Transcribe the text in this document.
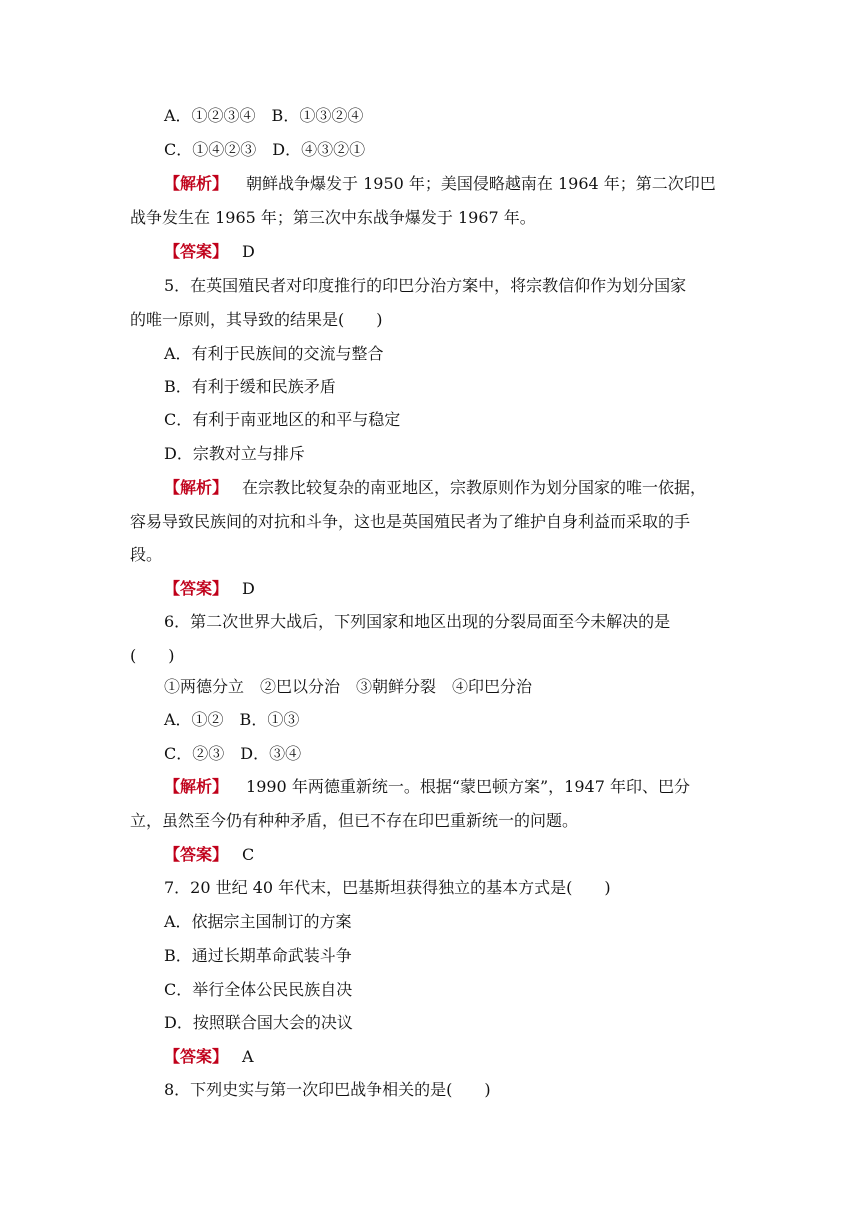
A．①②③④　B．①③②④
C．①④②③　D．④③②①
【解析】 朝鲜战争爆发于 1950 年；美国侵略越南在 1964 年；第二次印巴
战争发生在 1965 年；第三次中东战争爆发于 1967 年。
【答案】 D
5．在英国殖民者对印度推行的印巴分治方案中，将宗教信仰作为划分国家
的唯一原则，其导致的结果是(　　)
A．有利于民族间的交流与整合
B．有利于缓和民族矛盾
C．有利于南亚地区的和平与稳定
D．宗教对立与排斥
【解析】 在宗教比较复杂的南亚地区，宗教原则作为划分国家的唯一依据，
容易导致民族间的对抗和斗争，这也是英国殖民者为了维护自身利益而采取的手
段。
【答案】 D
6．第二次世界大战后，下列国家和地区出现的分裂局面至今未解决的是
(　　)
①两德分立　②巴以分治　③朝鲜分裂　④印巴分治
A．①②　B．①③
C．②③　D．③④
【解析】 1990 年两德重新统一。根据“蒙巴顿方案”，1947 年印、巴分
立，虽然至今仍有种种矛盾，但已不存在印巴重新统一的问题。
【答案】 C
7．20 世纪 40 年代末，巴基斯坦获得独立的基本方式是(　　)
A．依据宗主国制订的方案
B．通过长期革命武装斗争
C．举行全体公民民族自决
D．按照联合国大会的决议
【答案】 A
8．下列史实与第一次印巴战争相关的是(　　)
